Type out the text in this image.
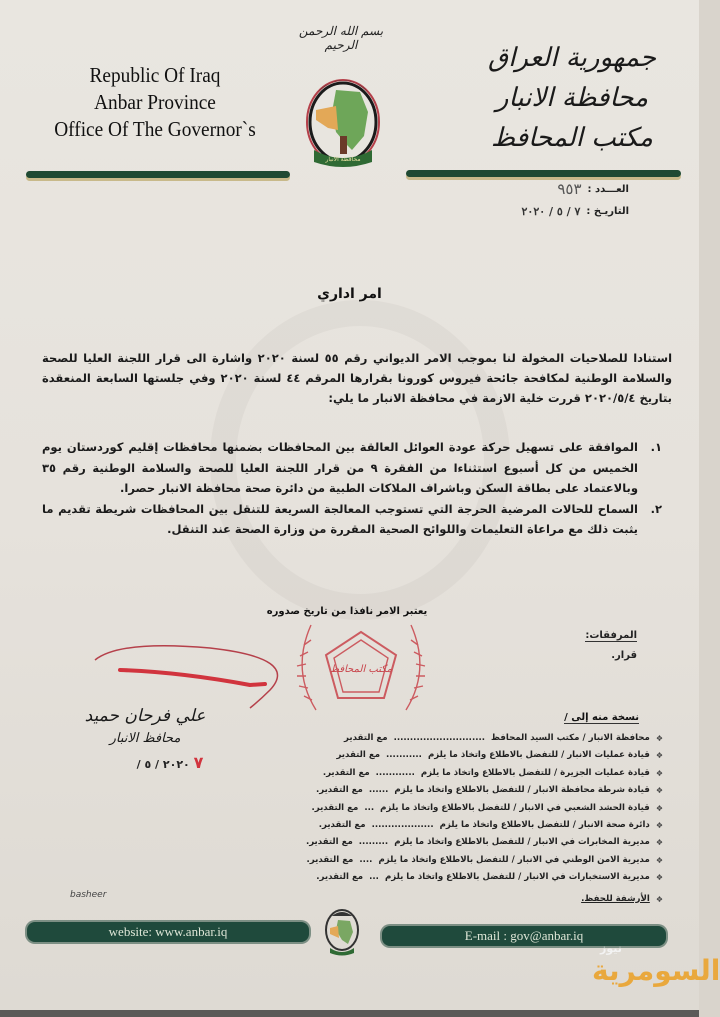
Republic Of Iraq
Anbar Province
Office Of The Governor`s
بسم الله الرحمن الرحيم
محافظة الانبار
جمهورية العراق
محافظة الانبار
مكتب المحافظ
العـــدد :
٩٥٣
التاريـخ :
٧ / ٥ / ٢٠٢٠
امر اداري
استنادا للصلاحيات المخولة لنا بموجب الامر الديواني رقم ٥٥ لسنة ٢٠٢٠ واشارة الى قرار اللجنة العليا للصحة والسلامة الوطنية لمكافحة جائحة فيروس كورونا بقرارها المرقم ٤٤ لسنة ٢٠٢٠ وفي جلستها السابعة المنعقدة بتاريخ ٢٠٢٠/٥/٤ قررت خلية الازمة في محافظة الانبار ما يلي:
١.
الموافقة على تسهيل حركة عودة العوائل العالقة بين المحافظات بضمنها محافظات إقليم كوردستان يوم الخميس من كل أسبوع استثناءا من الفقرة ٩ من قرار اللجنة العليا للصحة والسلامة الوطنية رقم ٣٥ وبالاعتماد على بطاقة السكن وباشراف الملاكات الطبية من دائرة صحة محافظة الانبار حصرا.
٢.
السماح للحالات المرضية الحرجة التي تستوجب المعالجة السريعة للتنقل بين المحافظات شريطة تقديم ما يثبت ذلك مع مراعاة التعليمات واللوائح الصحية المقررة من وزارة الصحة عند التنقل.
يعتبر الامر نافذا من تاريخ صدوره
مكتب المحافظ
المرفقات:
قرار.
علي فرحان حميد
محافظ الانبار
٧ ٢٠٢٠ / ٥ /
نسخة منه إلى /
❖
محافظة الانبار / مكتب السيد المحافظ
............................
مع التقدير
❖
قيادة عمليات الانبار / للتفضل بالاطلاع واتخاذ ما يلزم
...........
مع التقدير
❖
قيادة عمليات الجزيرة / للتفضل بالاطلاع واتخاذ ما يلزم
............
مع التقدير.
❖
قيادة شرطة محافظة الانبار / للتفضل بالاطلاع واتخاذ ما يلزم
......
مع التقدير.
❖
قيادة الحشد الشعبي في الانبار / للتفضل بالاطلاع واتخاذ ما يلزم
...
مع التقدير.
❖
دائرة صحة الانبار / للتفضل بالاطلاع واتخاذ ما يلزم
...................
مع التقدير.
❖
مديرية المخابرات في الانبار / للتفضل بالاطلاع واتخاذ ما يلزم
.........
مع التقدير.
❖
مديرية الامن الوطني في الانبار / للتفضل بالاطلاع واتخاذ ما يلزم
....
مع التقدير.
❖
مديرية الاستخبارات في الانبار / للتفضل بالاطلاع واتخاذ ما يلزم
...
مع التقدير.
❖
الأرشفة للحفظ.
basheer
website: www.anbar.iq	E-mail : gov@anbar.iq
السومرية
نيوز
